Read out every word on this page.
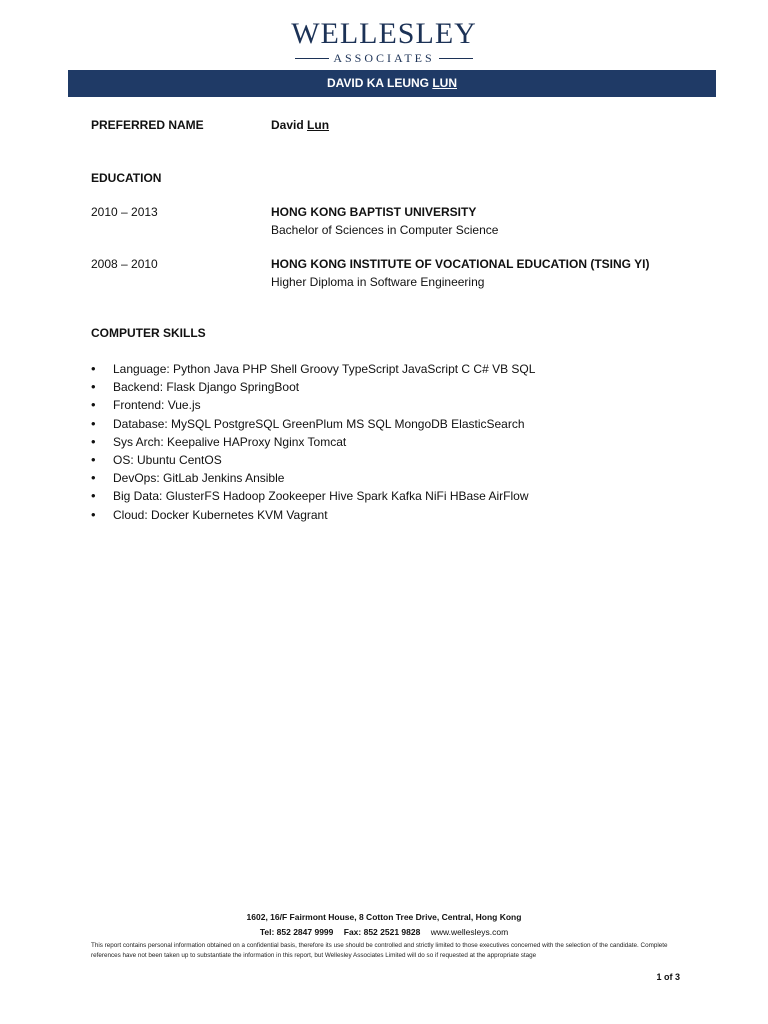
WELLESLEY
ASSOCIATES
DAVID KA LEUNG LUN
PREFERRED NAME	David Lun
EDUCATION
2010 – 2013	HONG KONG BAPTIST UNIVERSITY
Bachelor of Sciences in Computer Science
2008 – 2010	HONG KONG INSTITUTE OF VOCATIONAL EDUCATION (TSING YI)
Higher Diploma in Software Engineering
COMPUTER SKILLS
• Language: Python Java PHP Shell Groovy TypeScript JavaScript C C# VB SQL
• Backend: Flask Django SpringBoot
• Frontend: Vue.js
• Database: MySQL PostgreSQL GreenPlum MS SQL MongoDB ElasticSearch
• Sys Arch: Keepalive HAProxy Nginx Tomcat
• OS: Ubuntu CentOS
• DevOps: GitLab Jenkins Ansible
• Big Data: GlusterFS Hadoop Zookeeper Hive Spark Kafka NiFi HBase AirFlow
• Cloud: Docker Kubernetes KVM Vagrant
1602, 16/F Fairmont House, 8 Cotton Tree Drive, Central, Hong Kong
Tel: 852 2847 9999 Fax: 852 2521 9828 www.wellesleys.com
This report contains personal information obtained on a confidential basis, therefore its use should be controlled and strictly limited to those executives concerned with the selection of the candidate. Complete references have not been taken up to substantiate the information in this report, but Wellesley Associates Limited will do so if requested at the appropriate stage
1 of 3
